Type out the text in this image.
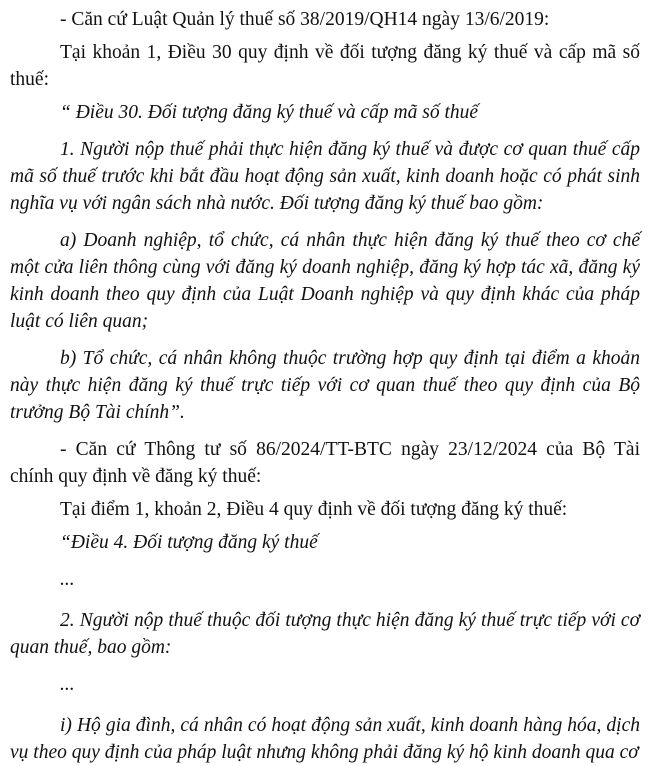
- Căn cứ Luật Quản lý thuế số 38/2019/QH14 ngày 13/6/2019:

Tại khoản 1, Điều 30 quy định về đối tượng đăng ký thuế và cấp mã số thuế:

“ Điều 30. Đối tượng đăng ký thuế và cấp mã số thuế

1. Người nộp thuế phải thực hiện đăng ký thuế và được cơ quan thuế cấp mã số thuế trước khi bắt đầu hoạt động sản xuất, kinh doanh hoặc có phát sinh nghĩa vụ với ngân sách nhà nước. Đối tượng đăng ký thuế bao gồm:

a) Doanh nghiệp, tổ chức, cá nhân thực hiện đăng ký thuế theo cơ chế một cửa liên thông cùng với đăng ký doanh nghiệp, đăng ký hợp tác xã, đăng ký kinh doanh theo quy định của Luật Doanh nghiệp và quy định khác của pháp luật có liên quan;

b) Tổ chức, cá nhân không thuộc trường hợp quy định tại điểm a khoản này thực hiện đăng ký thuế trực tiếp với cơ quan thuế theo quy định của Bộ trưởng Bộ Tài chính”.

- Căn cứ Thông tư số 86/2024/TT-BTC ngày 23/12/2024 của Bộ Tài chính quy định về đăng ký thuế:

Tại điểm 1, khoản 2, Điều 4 quy định về đối tượng đăng ký thuế:

“Điều 4. Đối tượng đăng ký thuế

...

2. Người nộp thuế thuộc đối tượng thực hiện đăng ký thuế trực tiếp với cơ quan thuế, bao gồm:

...

i) Hộ gia đình, cá nhân có hoạt động sản xuất, kinh doanh hàng hóa, dịch vụ theo quy định của pháp luật nhưng không phải đăng ký hộ kinh doanh qua cơ
